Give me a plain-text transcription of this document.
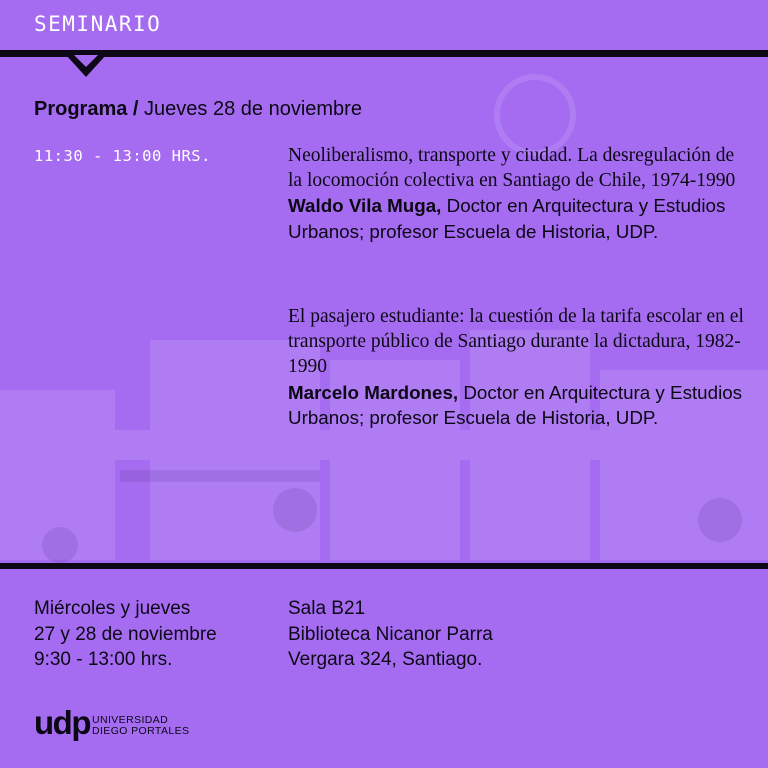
SEMINARIO
Programa / Jueves 28 de noviembre
11:30 - 13:00 HRS.	Neoliberalismo, transporte y ciudad. La desregulación de la locomoción colectiva en Santiago de Chile, 1974-1990
Waldo Vila Muga, Doctor en Arquitectura y Estudios Urbanos; profesor Escuela de Historia, UDP.
El pasajero estudiante: la cuestión de la tarifa escolar en el transporte público de Santiago durante la dictadura, 1982-1990
Marcelo Mardones, Doctor en Arquitectura y Estudios Urbanos; profesor Escuela de Historia, UDP.
Miércoles y jueves
27 y 28 de noviembre
9:30 - 13:00 hrs.
Sala B21
Biblioteca Nicanor Parra
Vergara 324, Santiago.
udp UNIVERSIDAD
DIEGO PORTALES
